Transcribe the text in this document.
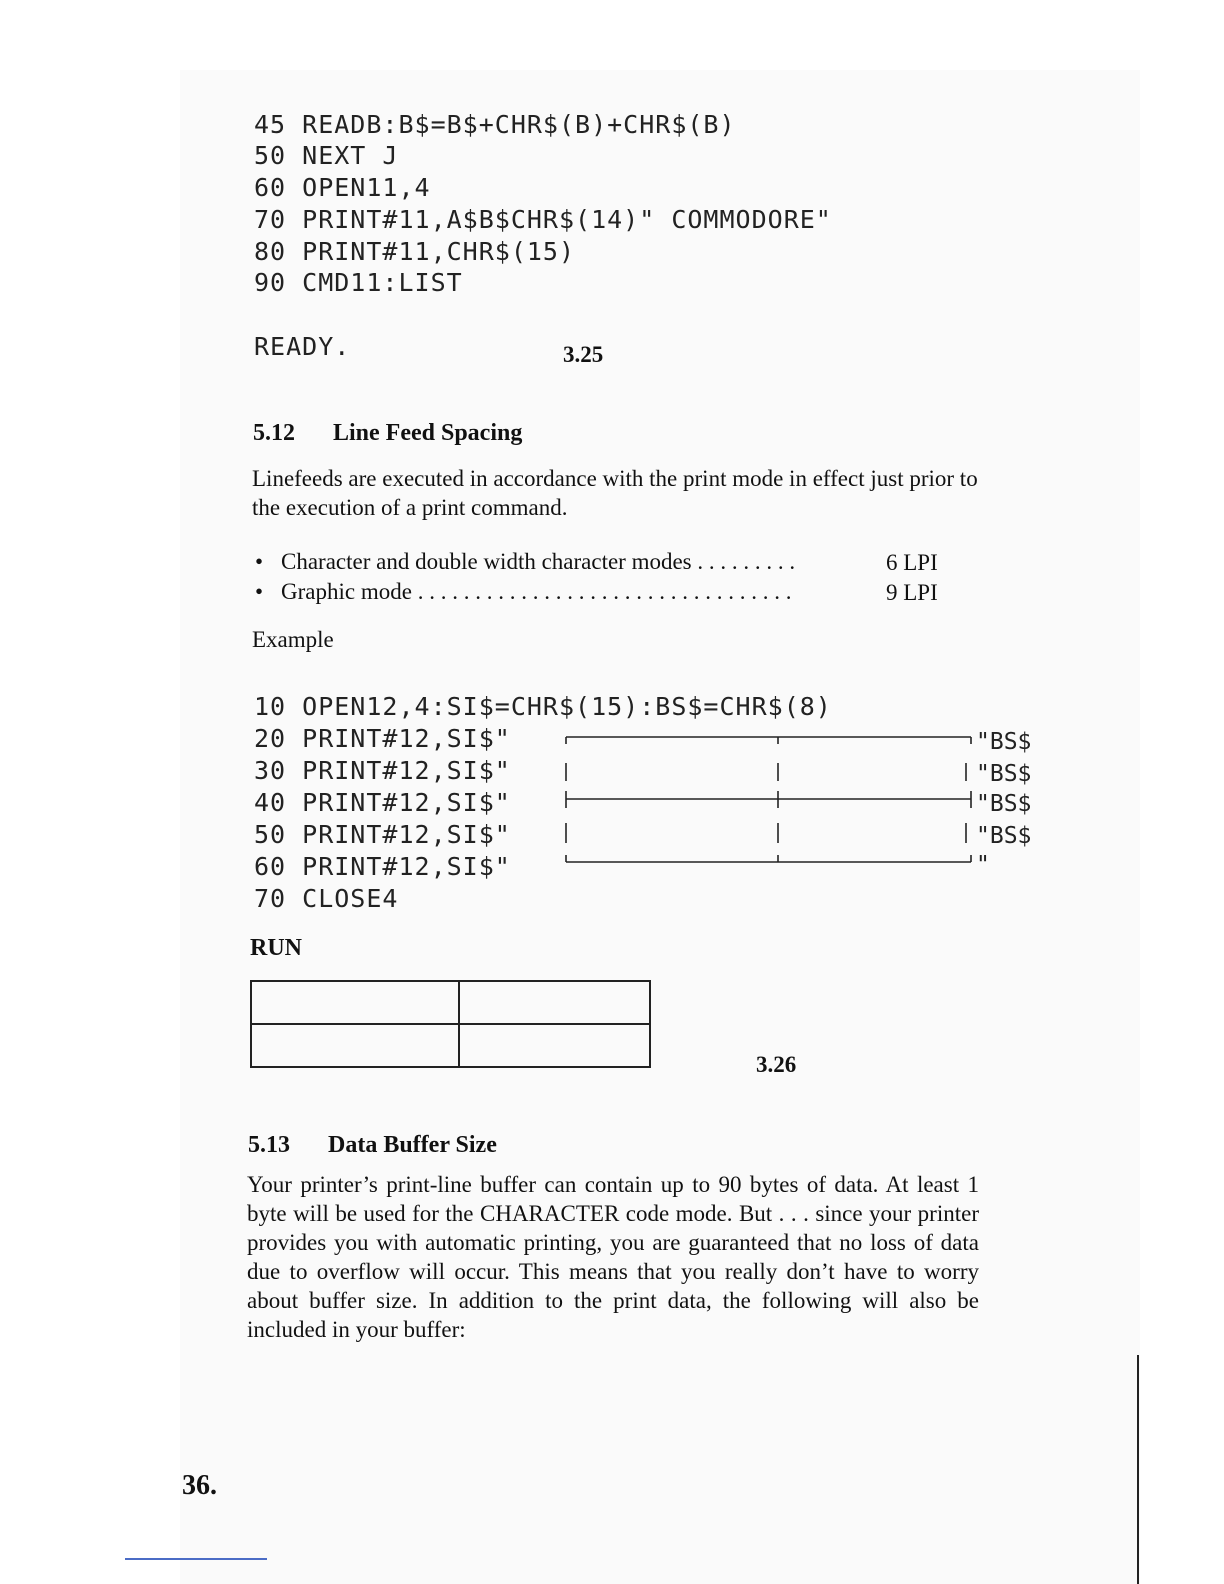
45 READB:B$=B$+CHR$(B)+CHR$(B)

50 NEXT J

60 OPEN11,4

70 PRINT#11,A$B$CHR$(14)" COMMODORE"

80 PRINT#11,CHR$(15)

90 CMD11:LIST

READY.	3.25
5.12 Line Feed Spacing
Linefeeds are executed in accordance with the print mode in effect just prior to the execution of a print command.
• Character and double width character modes . . . . . . . . .	6 LPI
• Graphic mode . . . . . . . . . . . . . . . . . . . . . . . . . . . . . . . . .	9 LPI
Example

10 OPEN12,4:SI$=CHR$(15):BS$=CHR$(8)

20 PRINT#12,SI$"

30 PRINT#12,SI$"

40 PRINT#12,SI$"

50 PRINT#12,SI$"

60 PRINT#12,SI$"

70 CLOSE4

"BS$
"BS$
"BS$
"BS$
"
RUN
3.26
5.13 Data Buffer Size
Your printer’s print-line buffer can contain up to 90 bytes of data. At least 1 byte will be used for the CHARACTER code mode. But . . . since your printer provides you with automatic printing, you are guaranteed that no loss of data due to overflow will occur. This means that you really don’t have to worry about buffer size. In addition to the print data, the following will also be included in your buffer:
36.
